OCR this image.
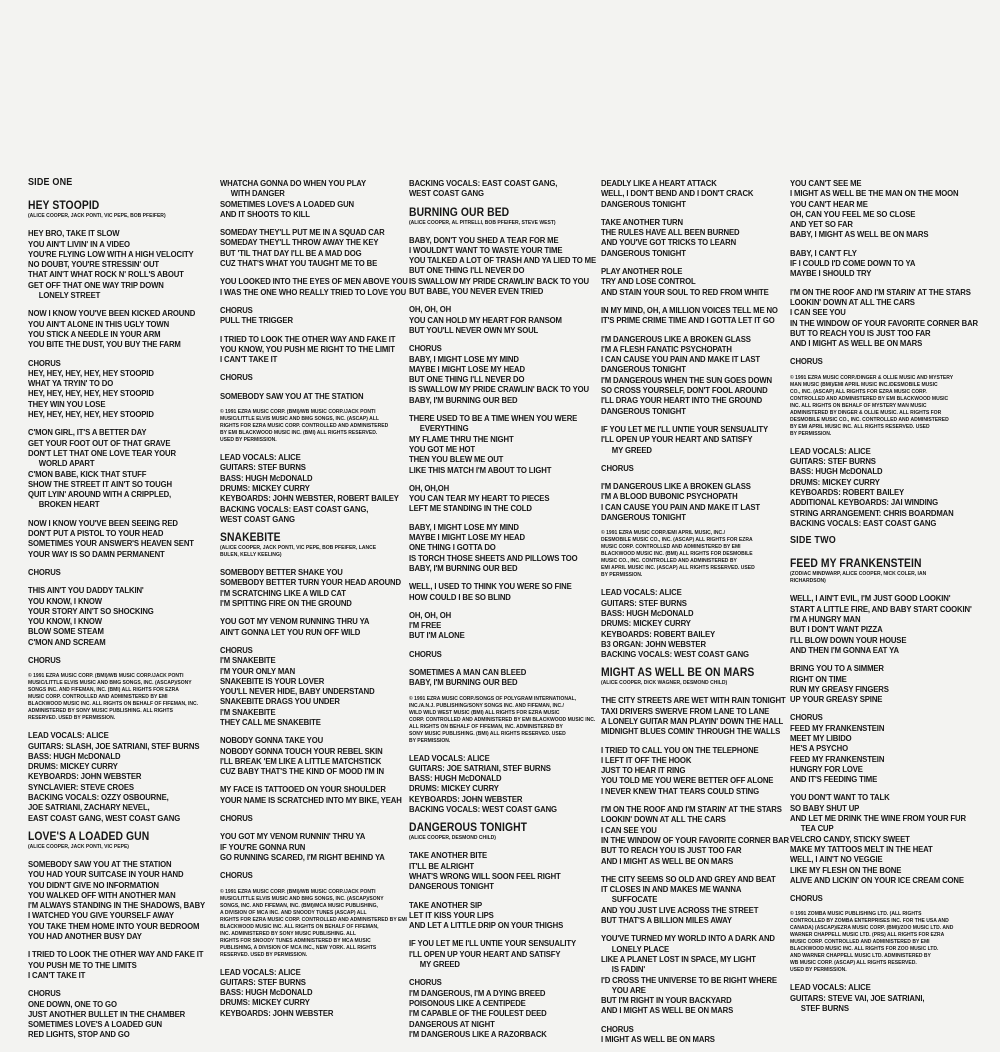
SIDE ONE
HEY STOOPID
(ALICE COOPER, JACK PONTI, VIC PEPE, BOB PFEIFER)
HEY BRO, TAKE IT SLOW
YOU AIN'T LIVIN' IN A VIDEO
YOU'RE FLYING LOW WITH A HIGH VELOCITY
NO DOUBT, YOU'RE STRESSIN' OUT
THAT AIN'T WHAT ROCK N' ROLL'S ABOUT
GET OFF THAT ONE WAY TRIP DOWN
LONELY STREET
NOW I KNOW YOU'VE BEEN KICKED AROUND
YOU AIN'T ALONE IN THIS UGLY TOWN
YOU STICK A NEEDLE IN YOUR ARM
YOU BITE THE DUST, YOU BUY THE FARM
CHORUS
HEY, HEY, HEY, HEY, HEY STOOPID
WHAT YA TRYIN' TO DO
HEY, HEY, HEY, HEY, HEY STOOPID
THEY WIN YOU LOSE
HEY, HEY, HEY, HEY, HEY STOOPID
C'MON GIRL, IT'S A BETTER DAY
GET YOUR FOOT OUT OF THAT GRAVE
DON'T LET THAT ONE LOVE TEAR YOUR
WORLD APART
C'MON BABE, KICK THAT STUFF
SHOW THE STREET IT AIN'T SO TOUGH
QUIT LYIN' AROUND WITH A CRIPPLED,
BROKEN HEART
NOW I KNOW YOU'VE BEEN SEEING RED
DON'T PUT A PISTOL TO YOUR HEAD
SOMETIMES YOUR ANSWER'S HEAVEN SENT
YOUR WAY IS SO DAMN PERMANENT
CHORUS
THIS AIN'T YOU DADDY TALKIN'
YOU KNOW, I KNOW
YOUR STORY AIN'T SO SHOCKING
YOU KNOW, I KNOW
BLOW SOME STEAM
C'MON AND SCREAM
CHORUS
© 1991 EZRA MUSIC CORP. (BMI)/WB MUSIC CORP./JACK PONTI
MUSIC/LITTLE ELVIS MUSIC AND BMG SONGS, INC. (ASCAP)/SONY
SONGS INC. AND FIFEMAN, INC. (BMI) ALL RIGHTS FOR EZRA
MUSIC CORP. CONTROLLED AND ADMINISTERED BY EMI
BLACKWOOD MUSIC INC. ALL RIGHTS ON BEHALF OF FIFEMAN, INC.
ADMINISTERED BY SONY MUSIC PUBLISHING. ALL RIGHTS
RESERVED. USED BY PERMISSION.
LEAD VOCALS: ALICE
GUITARS: SLASH, JOE SATRIANI, STEF BURNS
BASS: HUGH McDONALD
DRUMS: MICKEY CURRY
KEYBOARDS: JOHN WEBSTER
SYNCLAVIER: STEVE CROES
BACKING VOCALS: OZZY OSBOURNE,
JOE SATRIANI, ZACHARY NEVEL,
EAST COAST GANG, WEST COAST GANG
LOVE'S A LOADED GUN
(ALICE COOPER, JACK PONTI, VIC PEPE)
SOMEBODY SAW YOU AT THE STATION
YOU HAD YOUR SUITCASE IN YOUR HAND
YOU DIDN'T GIVE NO INFORMATION
YOU WALKED OFF WITH ANOTHER MAN
I'M ALWAYS STANDING IN THE SHADOWS, BABY
I WATCHED YOU GIVE YOURSELF AWAY
YOU TAKE THEM HOME INTO YOUR BEDROOM
YOU HAD ANOTHER BUSY DAY
I TRIED TO LOOK THE OTHER WAY AND FAKE IT
YOU PUSH ME TO THE LIMITS
I CAN'T TAKE IT
CHORUS
ONE DOWN, ONE TO GO
JUST ANOTHER BULLET IN THE CHAMBER
SOMETIMES LOVE'S A LOADED GUN
RED LIGHTS, STOP AND GO
WHATCHA GONNA DO WHEN YOU PLAY
WITH DANGER
SOMETIMES LOVE'S A LOADED GUN
AND IT SHOOTS TO KILL
SOMEDAY THEY'LL PUT ME IN A SQUAD CAR
SOMEDAY THEY'LL THROW AWAY THE KEY
BUT 'TIL THAT DAY I'LL BE A MAD DOG
CUZ THAT'S WHAT YOU TAUGHT ME TO BE
YOU LOOKED INTO THE EYES OF MEN ABOVE YOU
I WAS THE ONE WHO REALLY TRIED TO LOVE YOU
CHORUS
PULL THE TRIGGER
I TRIED TO LOOK THE OTHER WAY AND FAKE IT
YOU KNOW, YOU PUSH ME RIGHT TO THE LIMIT
I CAN'T TAKE IT
CHORUS
SOMEBODY SAW YOU AT THE STATION
© 1991 EZRA MUSIC CORP. (BMI)/WB MUSIC CORP./JACK PONTI
MUSIC/LITTLE ELVIS MUSIC AND BMG SONGS, INC. (ASCAP) ALL
RIGHTS FOR EZRA MUSIC CORP. CONTROLLED AND ADMINISTERED
BY EMI BLACKWOOD MUSIC INC. (BMI) ALL RIGHTS RESERVED.
USED BY PERMISSION.
LEAD VOCALS: ALICE
GUITARS: STEF BURNS
BASS: HUGH McDONALD
DRUMS: MICKEY CURRY
KEYBOARDS: JOHN WEBSTER, ROBERT BAILEY
BACKING VOCALS: EAST COAST GANG,
WEST COAST GANG
SNAKEBITE
(ALICE COOPER, JACK PONTI, VIC PEPE, BOB PFEIFER, LANCE BULEN, KELLY KEELING)
SOMEBODY BETTER SHAKE YOU
SOMEBODY BETTER TURN YOUR HEAD AROUND
I'M SCRATCHING LIKE A WILD CAT
I'M SPITTING FIRE ON THE GROUND
YOU GOT MY VENOM RUNNING THRU YA
AIN'T GONNA LET YOU RUN OFF WILD
CHORUS
I'M SNAKEBITE
I'M YOUR ONLY MAN
SNAKEBITE IS YOUR LOVER
YOU'LL NEVER HIDE, BABY UNDERSTAND
SNAKEBITE DRAGS YOU UNDER
I'M SNAKEBITE
THEY CALL ME SNAKEBITE
NOBODY GONNA TAKE YOU
NOBODY GONNA TOUCH YOUR REBEL SKIN
I'LL BREAK 'EM LIKE A LITTLE MATCHSTICK
CUZ BABY THAT'S THE KIND OF MOOD I'M IN
MY FACE IS TATTOOED ON YOUR SHOULDER
YOUR NAME IS SCRATCHED INTO MY BIKE, YEAH
CHORUS
YOU GOT MY VENOM RUNNIN' THRU YA
IF YOU'RE GONNA RUN
GO RUNNING SCARED, I'M RIGHT BEHIND YA
CHORUS
© 1991 EZRA MUSIC CORP. (BMI)/WB MUSIC CORP./JACK PONTI
MUSIC/LITTLE ELVIS MUSIC AND BMG SONGS, INC. (ASCAP)/SONY
SONGS, INC. AND FIFEMAN, INC. (BMI)/MCA MUSIC PUBLISHING,
A DIVISION OF MCA INC. AND SNOODY TUNES (ASCAP) ALL
RIGHTS FOR EZRA MUSIC CORP. CONTROLLED AND ADMINISTERED BY EMI
BLACKWOOD MUSIC INC. ALL RIGHTS ON BEHALF OF FIFEMAN,
INC. ADMINISTERED BY SONY MUSIC PUBLISHING. ALL
RIGHTS FOR SNOODY TUNES ADMINISTERED BY MCA MUSIC
PUBLISHING, A DIVISION OF MCA INC., NEW YORK. ALL RIGHTS
RESERVED. USED BY PERMISSION.
LEAD VOCALS: ALICE
GUITARS: STEF BURNS
BASS: HUGH McDONALD
DRUMS: MICKEY CURRY
KEYBOARDS: JOHN WEBSTER
BACKING VOCALS: EAST COAST GANG,
WEST COAST GANG
BURNING OUR BED
(ALICE COOPER, AL PITRELLI, BOB PFEIFER, STEVE WEST)
BABY, DON'T YOU SHED A TEAR FOR ME
I WOULDN'T WANT TO WASTE YOUR TIME
YOU TALKED A LOT OF TRASH AND YA LIED TO ME
BUT ONE THING I'LL NEVER DO
IS SWALLOW MY PRIDE CRAWLIN' BACK TO YOU
BUT BABE, YOU NEVER EVEN TRIED
OH, OH, OH
YOU CAN HOLD MY HEART FOR RANSOM
BUT YOU'LL NEVER OWN MY SOUL
CHORUS
BABY, I MIGHT LOSE MY MIND
MAYBE I MIGHT LOSE MY HEAD
BUT ONE THING I'LL NEVER DO
IS SWALLOW MY PRIDE CRAWLIN' BACK TO YOU
BABY, I'M BURNING OUR BED
THERE USED TO BE A TIME WHEN YOU WERE
EVERYTHING
MY FLAME THRU THE NIGHT
YOU GOT ME HOT
THEN YOU BLEW ME OUT
LIKE THIS MATCH I'M ABOUT TO LIGHT
OH, OH,OH
YOU CAN TEAR MY HEART TO PIECES
LEFT ME STANDING IN THE COLD
BABY, I MIGHT LOSE MY MIND
MAYBE I MIGHT LOSE MY HEAD
ONE THING I GOTTA DO
IS TORCH THOSE SHEETS AND PILLOWS TOO
BABY, I'M BURNING OUR BED
WELL, I USED TO THINK YOU WERE SO FINE
HOW COULD I BE SO BLIND
OH, OH, OH
I'M FREE
BUT I'M ALONE
CHORUS
SOMETIMES A MAN CAN BLEED
BABY, I'M BURNING OUR BED
© 1991 EZRA MUSIC CORP./SONGS OF POLYGRAM INTERNATIONAL,
INC./A.N.J. PUBLISHING/SONY SONGS INC. AND FIFEMAN, INC./
WILD WILD WEST MUSIC (BMI) ALL RIGHTS FOR EZRA MUSIC
CORP. CONTROLLED AND ADMINISTERED BY EMI BLACKWOOD MUSIC INC.
ALL RIGHTS ON BEHALF OF FIFEMAN, INC. ADMINISTERED BY
SONY MUSIC PUBLISHING. (BMI) ALL RIGHTS RESERVED. USED
BY PERMISSION.
LEAD VOCALS: ALICE
GUITARS: JOE SATRIANI, STEF BURNS
BASS: HUGH McDONALD
DRUMS: MICKEY CURRY
KEYBOARDS: JOHN WEBSTER
BACKING VOCALS: WEST COAST GANG
DANGEROUS TONIGHT
(ALICE COOPER, DESMOND CHILD)
TAKE ANOTHER BITE
IT'LL BE ALRIGHT
WHAT'S WRONG WILL SOON FEEL RIGHT
DANGEROUS TONIGHT
TAKE ANOTHER SIP
LET IT KISS YOUR LIPS
AND LET A LITTLE DRIP ON YOUR THIGHS
IF YOU LET ME I'LL UNTIE YOUR SENSUALITY
I'LL OPEN UP YOUR HEART AND SATISFY
MY GREED
CHORUS
I'M DANGEROUS, I'M A DYING BREED
POISONOUS LIKE A CENTIPEDE
I'M CAPABLE OF THE FOULEST DEED
DANGEROUS AT NIGHT
I'M DANGEROUS LIKE A RAZORBACK
DEADLY LIKE A HEART ATTACK
WELL, I DON'T BEND AND I DON'T CRACK
DANGEROUS TONIGHT
TAKE ANOTHER TURN
THE RULES HAVE ALL BEEN BURNED
AND YOU'VE GOT TRICKS TO LEARN
DANGEROUS TONIGHT
PLAY ANOTHER ROLE
TRY AND LOSE CONTROL
AND STAIN YOUR SOUL TO RED FROM WHITE
IN MY MIND, OH, A MILLION VOICES TELL ME NO
IT'S PRIME CRIME TIME AND I GOTTA LET IT GO
I'M DANGEROUS LIKE A BROKEN GLASS
I'M A FLESH FANATIC PSYCHOPATH
I CAN CAUSE YOU PAIN AND MAKE IT LAST
DANGEROUS TONIGHT
I'M DANGEROUS WHEN THE SUN GOES DOWN
SO CROSS YOURSELF, DON'T FOOL AROUND
I'LL DRAG YOUR HEART INTO THE GROUND
DANGEROUS TONIGHT
IF YOU LET ME I'LL UNTIE YOUR SENSUALITY
I'LL OPEN UP YOUR HEART AND SATISFY
MY GREED
CHORUS
I'M DANGEROUS LIKE A BROKEN GLASS
I'M A BLOOD BUBONIC PSYCHOPATH
I CAN CAUSE YOU PAIN AND MAKE IT LAST
DANGEROUS TONIGHT
© 1991 EZRA MUSIC CORP./EMI APRIL MUSIC, INC./
DESMOBILE MUSIC CO., INC. (ASCAP) ALL RIGHTS FOR EZRA
MUSIC CORP. CONTROLLED AND ADMINISTERED BY EMI
BLACKWOOD MUSIC INC. (BMI) ALL RIGHTS FOR DESMOBILE
MUSIC CO., INC. CONTROLLED AND ADMINISTERED BY
EMI APRIL MUSIC INC. (ASCAP) ALL RIGHTS RESERVED. USED
BY PERMISSION.
LEAD VOCALS: ALICE
GUITARS: STEF BURNS
BASS: HUGH McDONALD
DRUMS: MICKEY CURRY
KEYBOARDS: ROBERT BAILEY
B3 ORGAN: JOHN WEBSTER
BACKING VOCALS: WEST COAST GANG
MIGHT AS WELL BE ON MARS
(ALICE COOPER, DICK WAGNER, DESMOND CHILD)
THE CITY STREETS ARE WET WITH RAIN TONIGHT
TAXI DRIVERS SWERVE FROM LANE TO LANE
A LONELY GUITAR MAN PLAYIN' DOWN THE HALL
MIDNIGHT BLUES COMIN' THROUGH THE WALLS
I TRIED TO CALL YOU ON THE TELEPHONE
I LEFT IT OFF THE HOOK
JUST TO HEAR IT RING
YOU TOLD ME YOU WERE BETTER OFF ALONE
I NEVER KNEW THAT TEARS COULD STING
I'M ON THE ROOF AND I'M STARIN' AT THE STARS
LOOKIN' DOWN AT ALL THE CARS
I CAN SEE YOU
IN THE WINDOW OF YOUR FAVORITE CORNER BAR
BUT TO REACH YOU IS JUST TOO FAR
AND I MIGHT AS WELL BE ON MARS
THE CITY SEEMS SO OLD AND GREY AND BEAT
IT CLOSES IN AND MAKES ME WANNA
SUFFOCATE
AND YOU JUST LIVE ACROSS THE STREET
BUT THAT'S A BILLION MILES AWAY
YOU'VE TURNED MY WORLD INTO A DARK AND
LONELY PLACE
LIKE A PLANET LOST IN SPACE, MY LIGHT
IS FADIN'
I'D CROSS THE UNIVERSE TO BE RIGHT WHERE
YOU ARE
BUT I'M RIGHT IN YOUR BACKYARD
AND I MIGHT AS WELL BE ON MARS
CHORUS
I MIGHT AS WELL BE ON MARS
YOU CAN'T SEE ME
I MIGHT AS WELL BE THE MAN ON THE MOON
YOU CAN'T HEAR ME
OH, CAN YOU FEEL ME SO CLOSE
AND YET SO FAR
BABY, I MIGHT AS WELL BE ON MARS
BABY, I CAN'T FLY
IF I COULD I'D COME DOWN TO YA
MAYBE I SHOULD TRY
I'M ON THE ROOF AND I'M STARIN' AT THE STARS
LOOKIN' DOWN AT ALL THE CARS
I CAN SEE YOU
IN THE WINDOW OF YOUR FAVORITE CORNER BAR
BUT TO REACH YOU IS JUST TOO FAR
AND I MIGHT AS WELL BE ON MARS
CHORUS
© 1991 EZRA MUSIC CORP./DINGER & OLLIE MUSIC AND MYSTERY
MAN MUSIC (BMI)/EMI APRIL MUSIC INC./DESMOBILE MUSIC
CO., INC. (ASCAP) ALL RIGHTS FOR EZRA MUSIC CORP.
CONTROLLED AND ADMINISTERED BY EMI BLACKWOOD MUSIC
INC. ALL RIGHTS ON BEHALF OF MYSTERY MAN MUSIC
ADMINISTERED BY DINGER & OLLIE MUSIC. ALL RIGHTS FOR
DESMOBILE MUSIC CO., INC. CONTROLLED AND ADMINISTERED
BY EMI APRIL MUSIC INC. ALL RIGHTS RESERVED. USED
BY PERMISSION.
LEAD VOCALS: ALICE
GUITARS: STEF BURNS
BASS: HUGH McDONALD
DRUMS: MICKEY CURRY
KEYBOARDS: ROBERT BAILEY
ADDITIONAL KEYBOARDS: JAI WINDING
STRING ARRANGEMENT: CHRIS BOARDMAN
BACKING VOCALS: EAST COAST GANG
SIDE TWO
FEED MY FRANKENSTEIN
(ZODIAC MINDWARP, ALICE COOPER, NICK COLER, IAN RICHARDSON)
WELL, I AIN'T EVIL, I'M JUST GOOD LOOKIN'
START A LITTLE FIRE, AND BABY START COOKIN'
I'M A HUNGRY MAN
BUT I DON'T WANT PIZZA
I'LL BLOW DOWN YOUR HOUSE
AND THEN I'M GONNA EAT YA
BRING YOU TO A SIMMER
RIGHT ON TIME
RUN MY GREASY FINGERS
UP YOUR GREASY SPINE
CHORUS
FEED MY FRANKENSTEIN
MEET MY LIBIDO
HE'S A PSYCHO
FEED MY FRANKENSTEIN
HUNGRY FOR LOVE
AND IT'S FEEDING TIME
YOU DON'T WANT TO TALK
SO BABY SHUT UP
AND LET ME DRINK THE WINE FROM YOUR FUR
TEA CUP
VELCRO CANDY, STICKY SWEET
MAKE MY TATTOOS MELT IN THE HEAT
WELL, I AIN'T NO VEGGIE
LIKE MY FLESH ON THE BONE
ALIVE AND LICKIN' ON YOUR ICE CREAM CONE
CHORUS
© 1991 ZOMBA MUSIC PUBLISHING LTD. (ALL RIGHTS
CONTROLLED BY ZOMBA ENTERPRISES INC. FOR THE USA AND
CANADA) (ASCAP)/EZRA MUSIC CORP. (BMI)/ZOO MUSIC LTD. AND
WARNER CHAPPELL MUSIC LTD. (PRS) ALL RIGHTS FOR EZRA
MUSIC CORP. CONTROLLED AND ADMINISTERED BY EMI
BLACKWOOD MUSIC INC. ALL RIGHTS FOR ZOO MUSIC LTD.
AND WARNER CHAPPELL MUSIC LTD. ADMINISTERED BY
WB MUSIC CORP. (ASCAP) ALL RIGHTS RESERVED.
USED BY PERMISSION.
LEAD VOCALS: ALICE
GUITARS: STEVE VAI, JOE SATRIANI,
STEF BURNS
